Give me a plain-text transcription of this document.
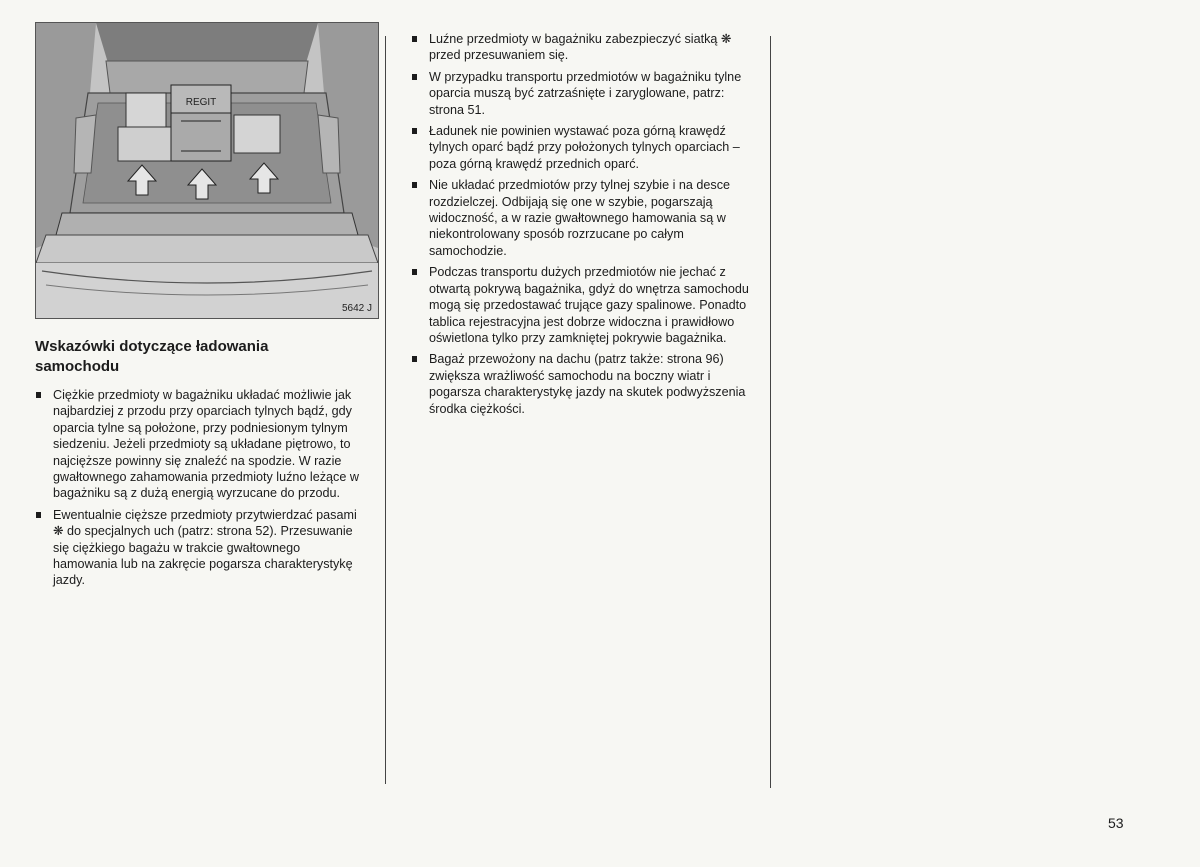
REGIT
5642 J
Wskazówki dotyczące ładowania samochodu
Ciężkie przedmioty w bagażniku układać możliwie jak najbardziej z przodu przy oparciach tylnych bądź, gdy oparcia tylne są położone, przy podniesionym tylnym siedzeniu. Jeżeli przedmioty są układane piętrowo, to najcięższe powinny się znaleźć na spodzie. W razie gwałtownego zahamowania przedmioty luźno leżące w bagażniku są z dużą energią wyrzucane do przodu.
Ewentualnie cięższe przedmioty przytwierdzać pasami ❋ do specjalnych uch (patrz: strona 52). Przesuwanie się ciężkiego bagażu w trakcie gwałtownego hamowania lub na zakręcie pogarsza charakterystykę jazdy.
Luźne przedmioty w bagażniku zabezpieczyć siatką ❋ przed przesuwaniem się.
W przypadku transportu przedmiotów w bagażniku tylne oparcia muszą być zatrzaśnięte i zaryglowane, patrz: strona 51.
Ładunek nie powinien wystawać poza górną krawędź tylnych oparć bądź przy położonych tylnych oparciach – poza górną krawędź przednich oparć.
Nie układać przedmiotów przy tylnej szybie i na desce rozdzielczej. Odbijają się one w szybie, pogarszają widoczność, a w razie gwałtownego hamowania są w niekontrolowany sposób rozrzucane po całym samochodzie.
Podczas transportu dużych przedmiotów nie jechać z otwartą pokrywą bagażnika, gdyż do wnętrza samochodu mogą się przedostawać trujące gazy spalinowe. Ponadto tablica rejestracyjna jest dobrze widoczna i prawidłowo oświetlona tylko przy zamkniętej pokrywie bagażnika.
Bagaż przewożony na dachu (patrz także: strona 96) zwiększa wrażliwość samochodu na boczny wiatr i pogarsza charakterystykę jazdy na skutek podwyższenia środka ciężkości.
53
